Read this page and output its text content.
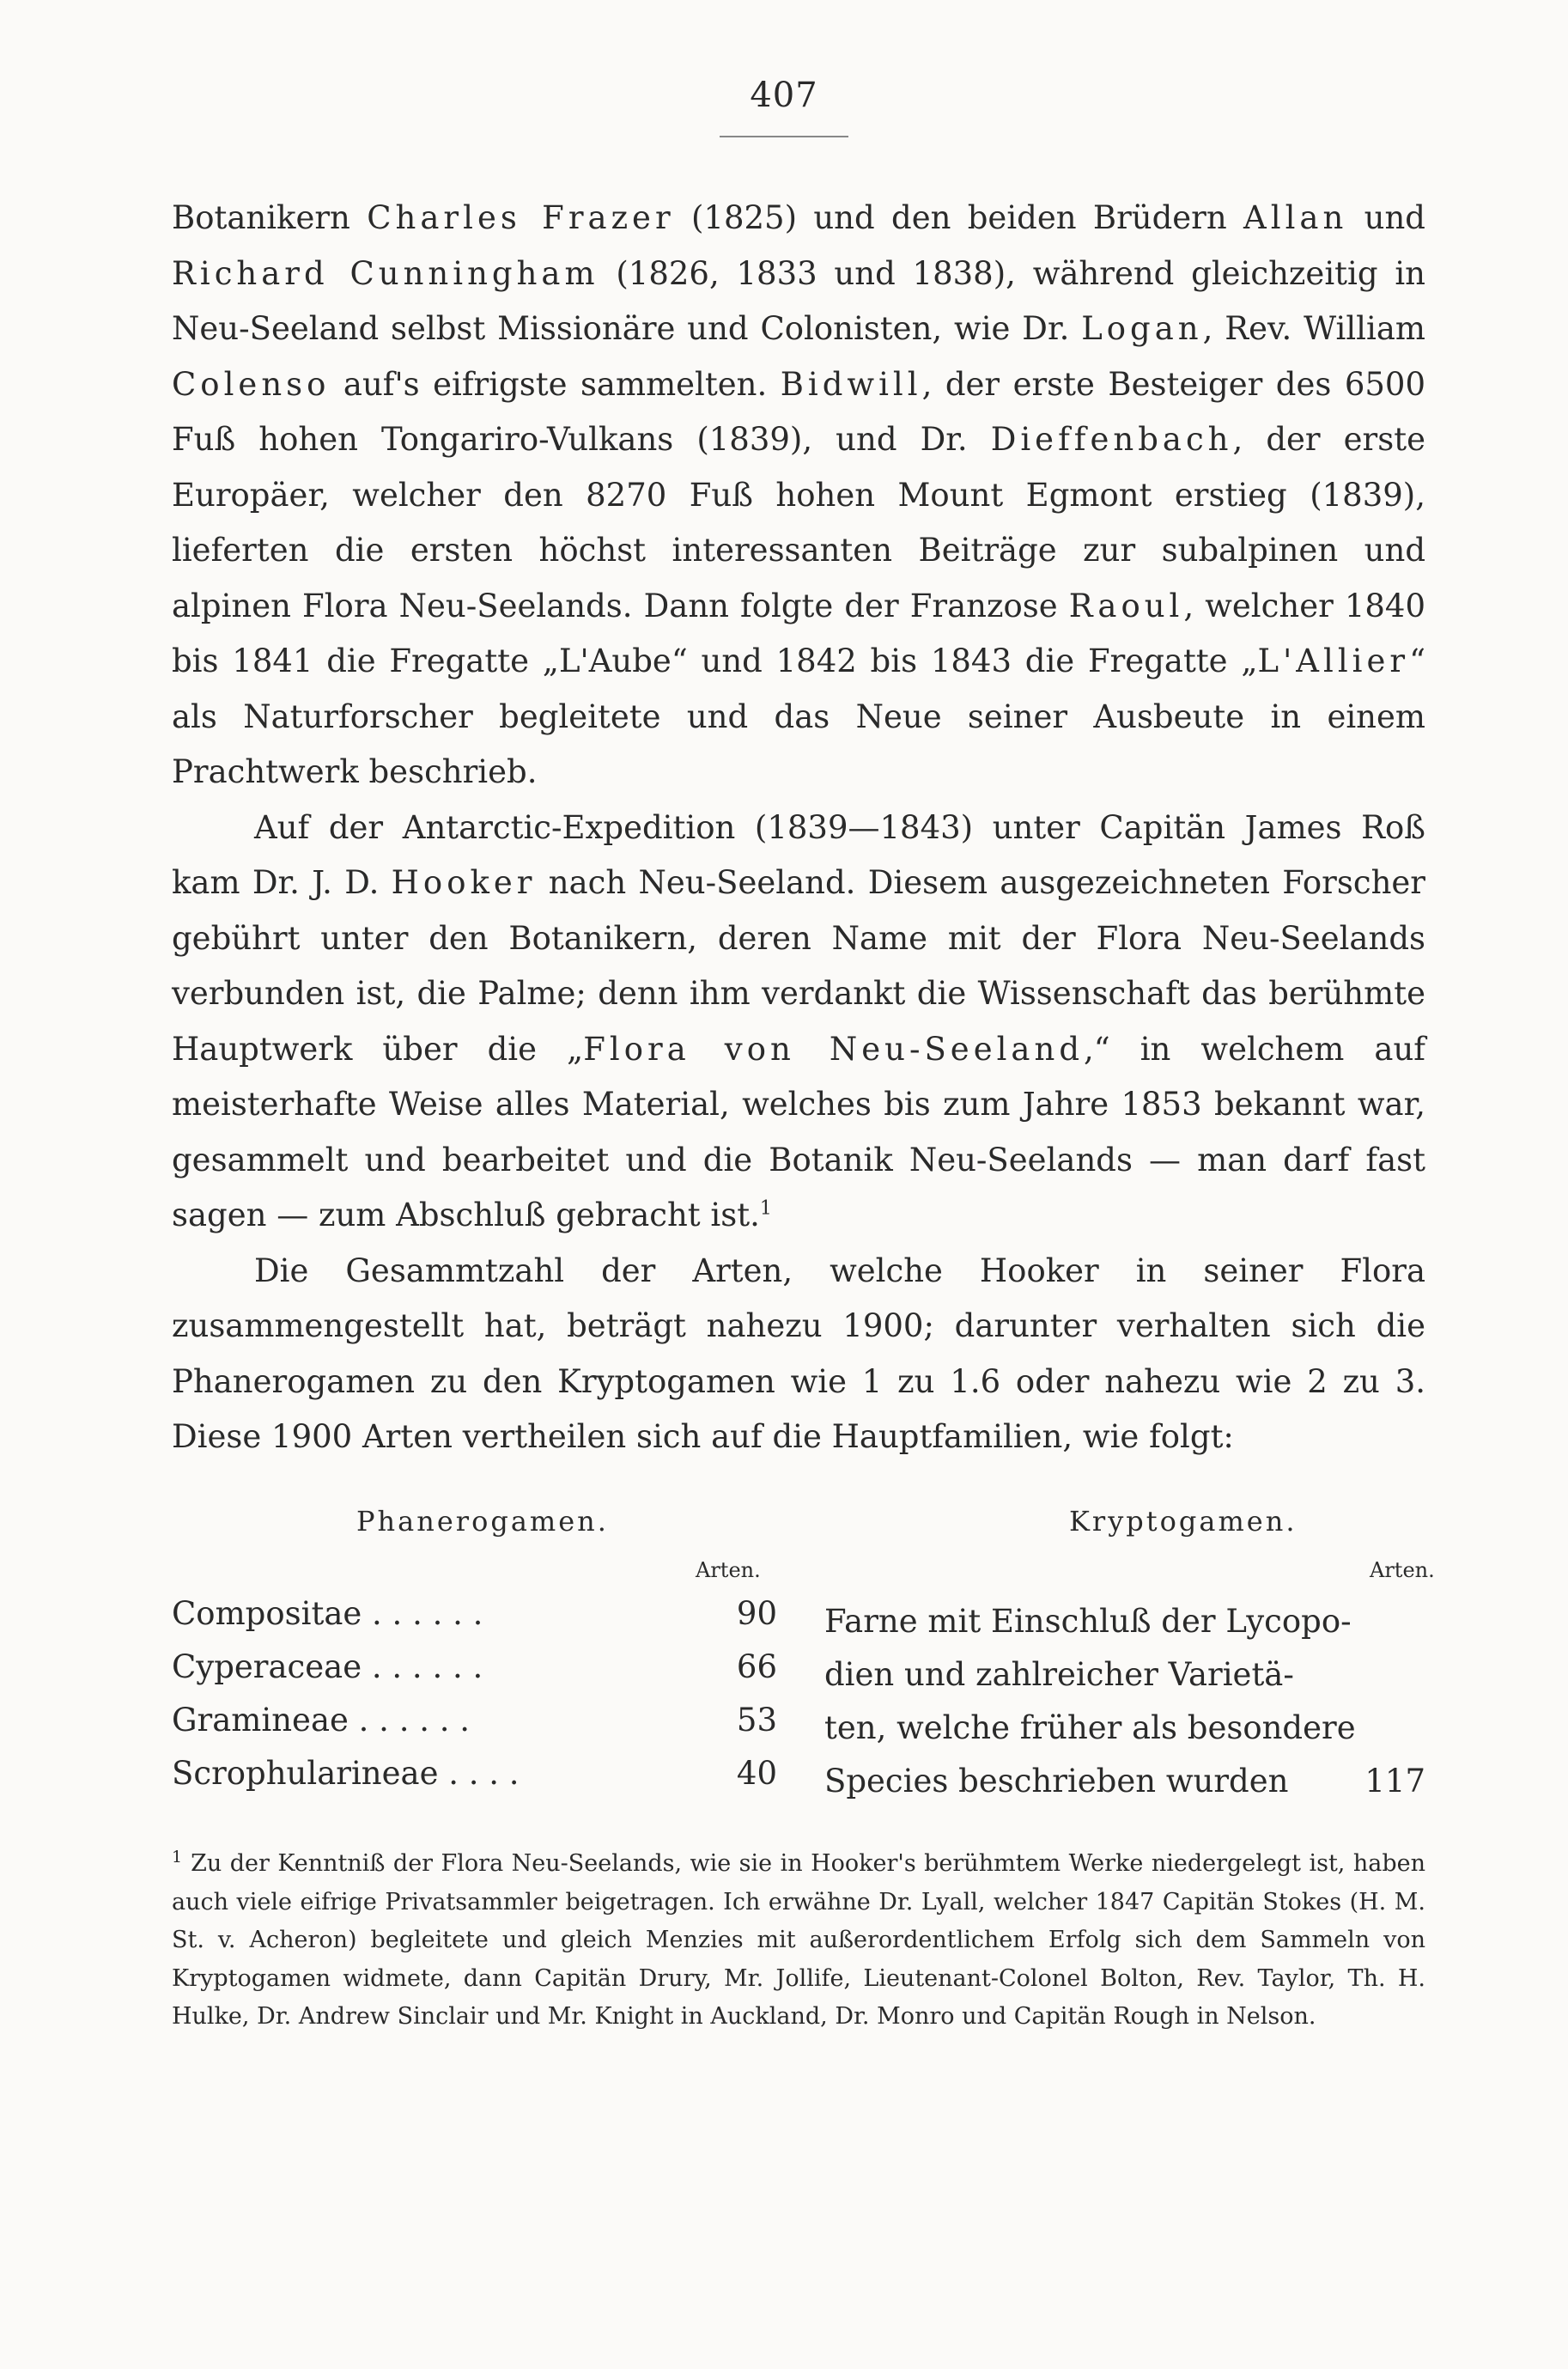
407

Botanikern Charles Frazer (1825) und den beiden Brüdern Allan und Richard Cunningham (1826, 1833 und 1838), während gleichzeitig in Neu-Seeland selbst Missionäre und Colonisten, wie Dr. Logan, Rev. William Colenso auf's eifrigste sammelten. Bidwill, der erste Besteiger des 6500 Fuß hohen Tongariro-Vulkans (1839), und Dr. Dieffenbach, der erste Europäer, welcher den 8270 Fuß hohen Mount Egmont erstieg (1839), lieferten die ersten höchst interessanten Beiträge zur subalpinen und alpinen Flora Neu-Seelands. Dann folgte der Franzose Raoul, welcher 1840 bis 1841 die Fregatte „L'Aube“ und 1842 bis 1843 die Fregatte „L'Allier“ als Naturforscher begleitete und das Neue seiner Ausbeute in einem Prachtwerk beschrieb.

Auf der Antarctic-Expedition (1839—1843) unter Capitän James Roß kam Dr. J. D. Hooker nach Neu-Seeland. Diesem ausgezeichneten Forscher gebührt unter den Botanikern, deren Name mit der Flora Neu-Seelands verbunden ist, die Palme; denn ihm verdankt die Wissenschaft das berühmte Hauptwerk über die „Flora von Neu-Seeland,“ in welchem auf meisterhafte Weise alles Material, welches bis zum Jahre 1853 bekannt war, gesammelt und bearbeitet und die Botanik Neu-Seelands — man darf fast sagen — zum Abschluß gebracht ist.$^1$

Die Gesammtzahl der Arten, welche Hooker in seiner Flora zusammengestellt hat, beträgt nahezu 1900; darunter verhalten sich die Phanerogamen zu den Kryptogamen wie 1 zu 1.6 oder nahezu wie 2 zu 3. Diese 1900 Arten vertheilen sich auf die Hauptfamilien, wie folgt:

Phanerogamen.	Kryptogamen.
Arten.	Arten.
Compositae . . . . . .	90
Cyperaceae . . . . . .	66
Gramineae . . . . . .	53
Scrophularineae . . . .	40
Farne mit Einschluß der Lycopo-
dien und zahlreicher Varietä-
ten, welche früher als besondere
Species beschrieben wurden 117
$^1$ Zu der Kenntniß der Flora Neu-Seelands, wie sie in Hooker's berühmtem Werke niedergelegt ist, haben auch viele eifrige Privatsammler beigetragen. Ich erwähne Dr. Lyall, welcher 1847 Capitän Stokes (H. M. St. v. Acheron) begleitete und gleich Menzies mit außerordentlichem Erfolg sich dem Sammeln von Kryptogamen widmete, dann Capitän Drury, Mr. Jollife, Lieutenant-Colonel Bolton, Rev. Taylor, Th. H. Hulke, Dr. Andrew Sinclair und Mr. Knight in Auckland, Dr. Monro und Capitän Rough in Nelson.
